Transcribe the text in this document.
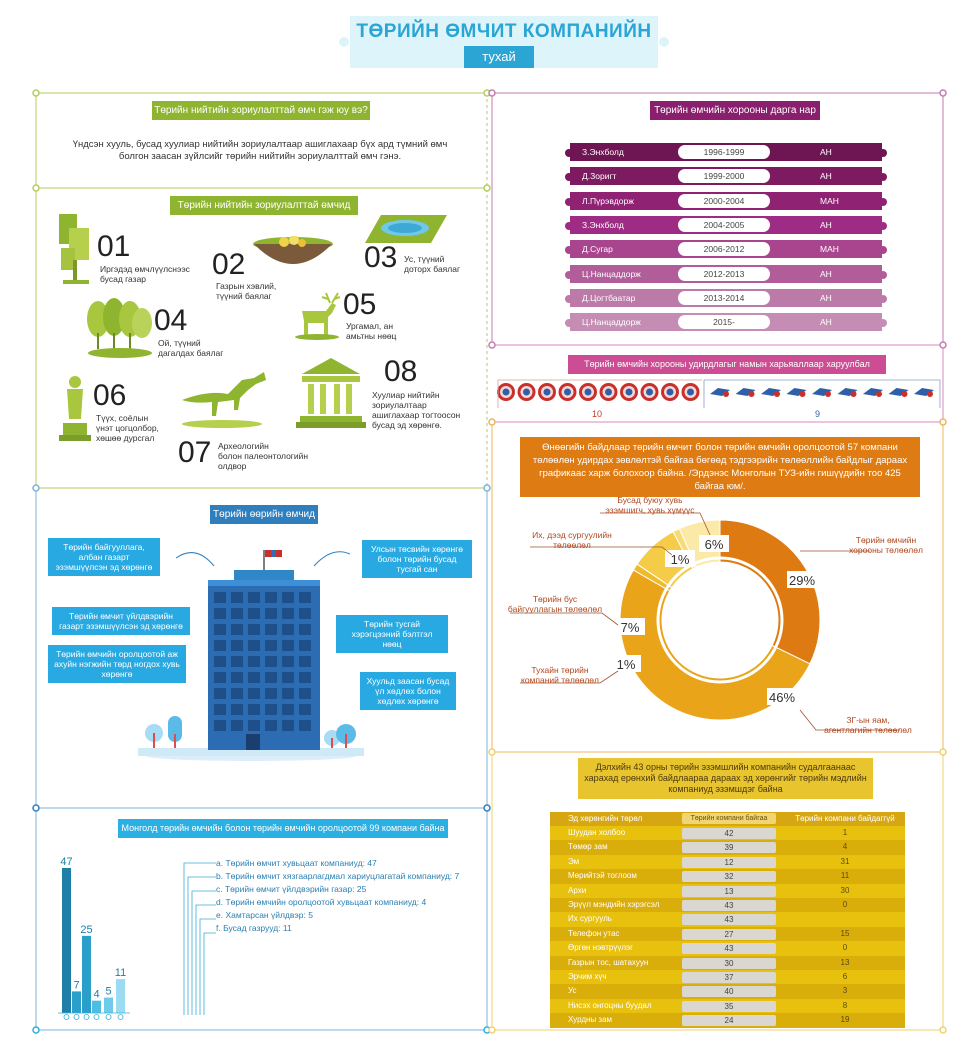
ТӨРИЙН ӨМЧИТ КОМПАНИЙН
тухай
Төрийн нийтийн зориулалттай өмч гэж юу вэ?
Үндсэн хууль, бусад хуулиар нийтийн зориулалтаар ашиглахаар бүх ард түмний өмч
болгон заасан зүйлсийг төрийн нийтийн зориулалттай өмч гэнэ.
Төрийн нийтийн зориулалттай өмчид
01
Иргэдэд өмчлүүлснээс
бусад газар	02
Газрын хэвлий,
түүний баялаг
03 Ус, түүний
доторх баялаг
04
Ой, түүний
дагалдах баялаг
05
Ургамал, ан
амьтны нөөц
06
Түүх, соёлын
үнэт цогцолбор,
хөшөө дурсгал 07 Археологийн
болон палеонтологийн
олдвор
08
Хуулиар нийтийн
зориулалтаар
ашиглахаар тогтоосон
бусад эд хөрөнгө.
Төрийн өөрийн өмчид
Төрийн байгууллага, албан газарт эзэмшүүлсэн эд хөрөнгө
Төрийн өмчит үйлдвэрийн газарт эзэмшүүлсэн эд хөрөнгө
Төрийн өмчийн оролцоотой аж ахуйн нэгжийн төрд ногдох хувь хөрөнгө
Улсын төсвийн хөрөнгө болон төрийн бусад тусгай сан
Төрийн тусгай хэрэгцээний бэлтгэл нөөц
Хуульд заасан бусад үл хөдлөх болон хөдлөх хөрөнгө
Монголд төрийн өмчийн болон төрийн өмчийн оролцоотой 99 компани байна
47
7
25
4 5
11
a. Төрийн өмчит хувьцаат компаниуд: 47
b. Төрийн өмчит хязгаарлагдмал хариуцлагатай компаниуд: 7
c. Төрийн өмчит үйлдвэрийн газар: 25
d. Төрийн өмчийн оролцоотой хувьцаат компаниуд: 4
e. Хамтарсан үйлдвэр: 5
f. Бусад газрууд: 11
Төрийн өмчийн хорооны дарга нар
З.Энхболд	1996-1999	АН
Д.Зоригт	1999-2000	АН
Л.Пүрэвдорж	2000-2004	МАН
З.Энхболд	2004-2005	АН
Д.Сугар	2006-2012	МАН
Ц.Нанцаддорж	2012-2013	АН
Д.Цогтбаатар	2013-2014	АН
Ц.Нанцаддорж	2015-	АН
Төрийн өмчийн хорооны удирдлагыг намын харьяаллаар харуулбал
10	9
Өнөөгийн байдлаар төрийн өмчит болон төрийн өмчийн оролцоотой 57 компани төлөөлөн удирдах зөвлөлтэй байгаа бөгөөд тэдгээрийн төлөөллийн байдлыг дараах графикаас харж болохоор байна. /Эрдэнэс Монголын ТУЗ-ийн гишүүдийн тоо 425 байгаа юм/.
29%
46%
1%
7%
1%
6%	Төрийн өмчийн хорооны төлөөлөл
ЗГ-ын яам, агентлагийн төлөөлөл
Тухайн төрийн компаний төлөөлөл
Төрийн бус байгууллагын төлөөлөл
Их, дээд сургуулийн төлөөлөл
Бусад буюу хувь эзэмшигч, хувь хүмүүс
Дэлхийн 43 орны төрийн эзэмшлийн компанийн судалгаанаас харахад ерөнхий байдлаараа дараах эд хөрөнгийг төрийн мэдлийн компаниуд эзэмшдэг байна
Эд хөрөнгийн төрөл	Төрийн компани байгаа	Төрийн компани байдаггүй
Шуудан холбоо	42	1
Төмөр зам	39	4
Эм	12	31
Мөрийтэй тоглоом	32	11
Архи	13	30
Эрүүл мэндийн хэрэгсэл	43	0
Их сургууль	43
Телефон утас	27	15
Өргөн нэвтрүүлэг	43	0
Газрын тос, шатахуун	30	13
Эрчим хүч	37	6
Ус	40	3
Нисэх онгоцны буудал	35	8
Хурдны зам	24	19
